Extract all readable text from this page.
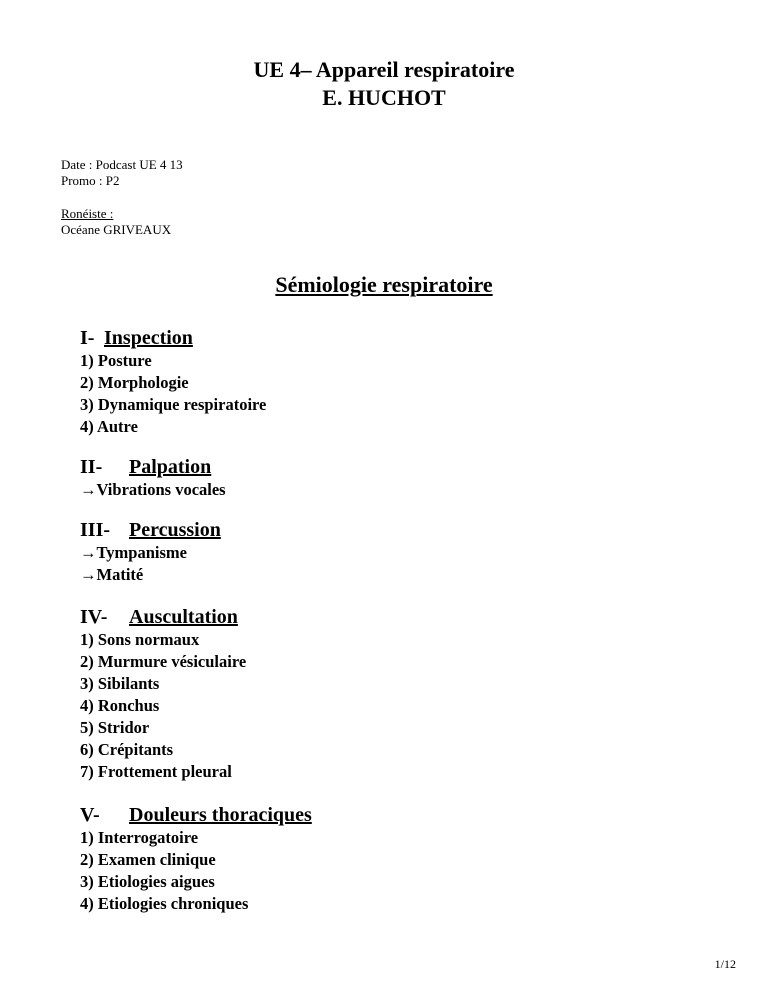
UE 4– Appareil respiratoire
E. HUCHOT
Date : Podcast UE 4 13
Promo : P2
Ronéiste :
Océane GRIVEAUX
Sémiologie respiratoire
I- Inspection
1) Posture
2) Morphologie
3) Dynamique respiratoire
4) Autre
II- Palpation
→Vibrations vocales
III- Percussion
→Tympanisme
→Matité
IV- Auscultation
1) Sons normaux
2) Murmure vésiculaire
3) Sibilants
4) Ronchus
5) Stridor
6) Crépitants
7) Frottement pleural
V- Douleurs thoraciques
1) Interrogatoire
2) Examen clinique
3) Etiologies aigues
4) Etiologies chroniques
1/12
